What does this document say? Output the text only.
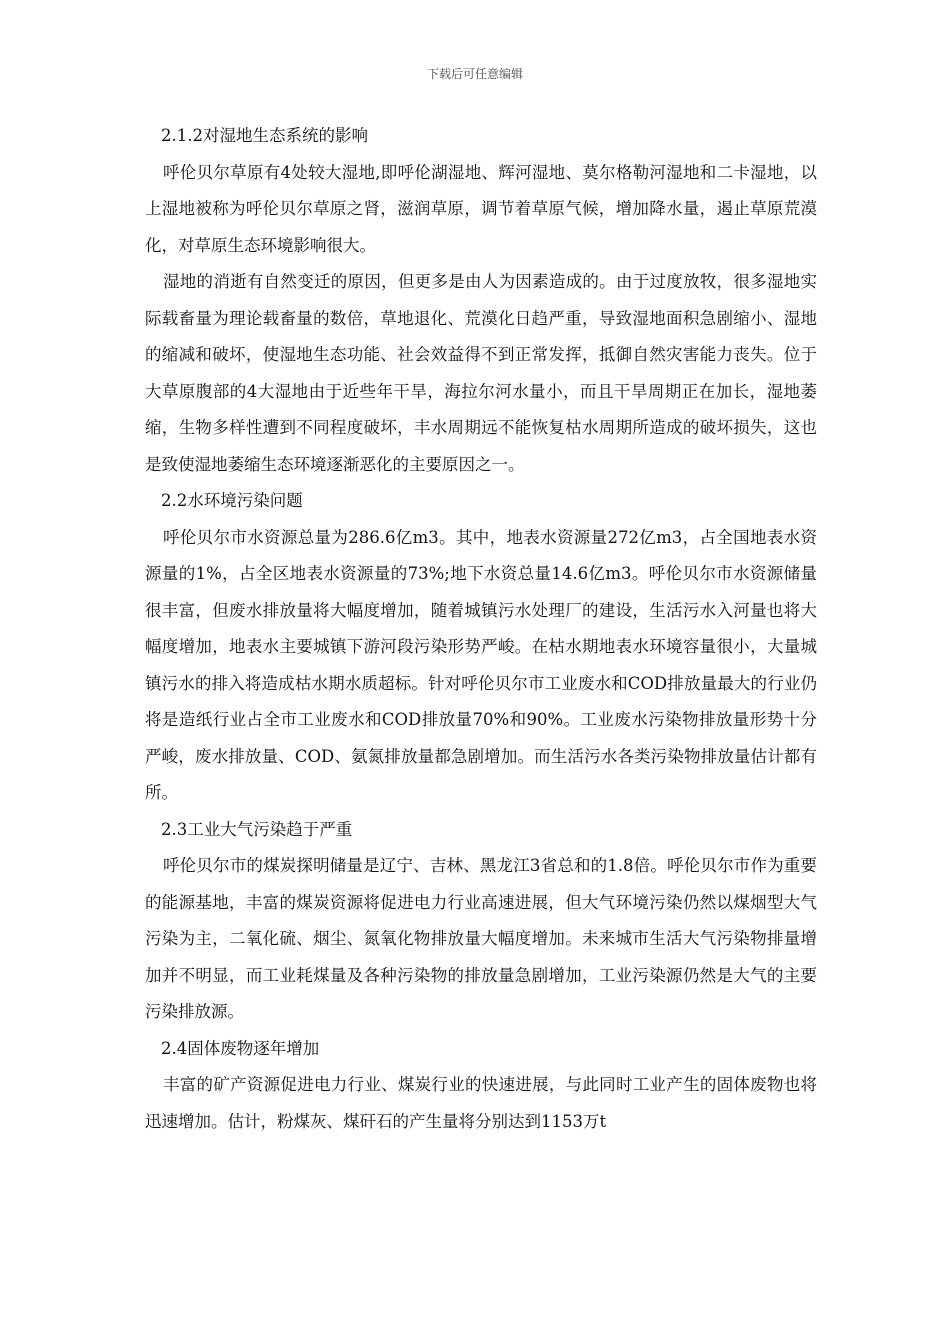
下载后可任意编辑
2.1.2对湿地生态系统的影响

呼伦贝尔草原有4处较大湿地,即呼伦湖湿地、辉河湿地、莫尔格勒河湿地和二卡湿地，以上湿地被称为呼伦贝尔草原之肾，滋润草原，调节着草原气候，增加降水量，遏止草原荒漠化，对草原生态环境影响很大。

湿地的消逝有自然变迁的原因，但更多是由人为因素造成的。由于过度放牧，很多湿地实际载畜量为理论载畜量的数倍，草地退化、荒漠化日趋严重，导致湿地面积急剧缩小、湿地的缩减和破坏，使湿地生态功能、社会效益得不到正常发挥，抵御自然灾害能力丧失。位于大草原腹部的4大湿地由于近些年干旱，海拉尔河水量小，而且干旱周期正在加长，湿地萎缩，生物多样性遭到不同程度破坏，丰水周期远不能恢复枯水周期所造成的破坏损失，这也是致使湿地萎缩生态环境逐渐恶化的主要原因之一。

2.2水环境污染问题

呼伦贝尔市水资源总量为286.6亿m3。其中，地表水资源量272亿m3，占全国地表水资源量的1%，占全区地表水资源量的73%;地下水资总量14.6亿m3。呼伦贝尔市水资源储量很丰富，但废水排放量将大幅度增加，随着城镇污水处理厂的建设，生活污水入河量也将大幅度增加，地表水主要城镇下游河段污染形势严峻。在枯水期地表水环境容量很小，大量城镇污水的排入将造成枯水期水质超标。针对呼伦贝尔市工业废水和COD排放量最大的行业仍将是造纸行业占全市工业废水和COD排放量70%和90%。工业废水污染物排放量形势十分严峻，废水排放量、COD、氨氮排放量都急剧增加。而生活污水各类污染物排放量估计都有所。

2.3工业大气污染趋于严重

呼伦贝尔市的煤炭探明储量是辽宁、吉林、黑龙江3省总和的1.8倍。呼伦贝尔市作为重要的能源基地，丰富的煤炭资源将促进电力行业高速进展，但大气环境污染仍然以煤烟型大气污染为主，二氧化硫、烟尘、氮氧化物排放量大幅度增加。未来城市生活大气污染物排量增加并不明显，而工业耗煤量及各种污染物的排放量急剧增加，工业污染源仍然是大气的主要污染排放源。

2.4固体废物逐年增加

丰富的矿产资源促进电力行业、煤炭行业的快速进展，与此同时工业产生的固体废物也将迅速增加。估计，粉煤灰、煤矸石的产生量将分别达到1153万t
